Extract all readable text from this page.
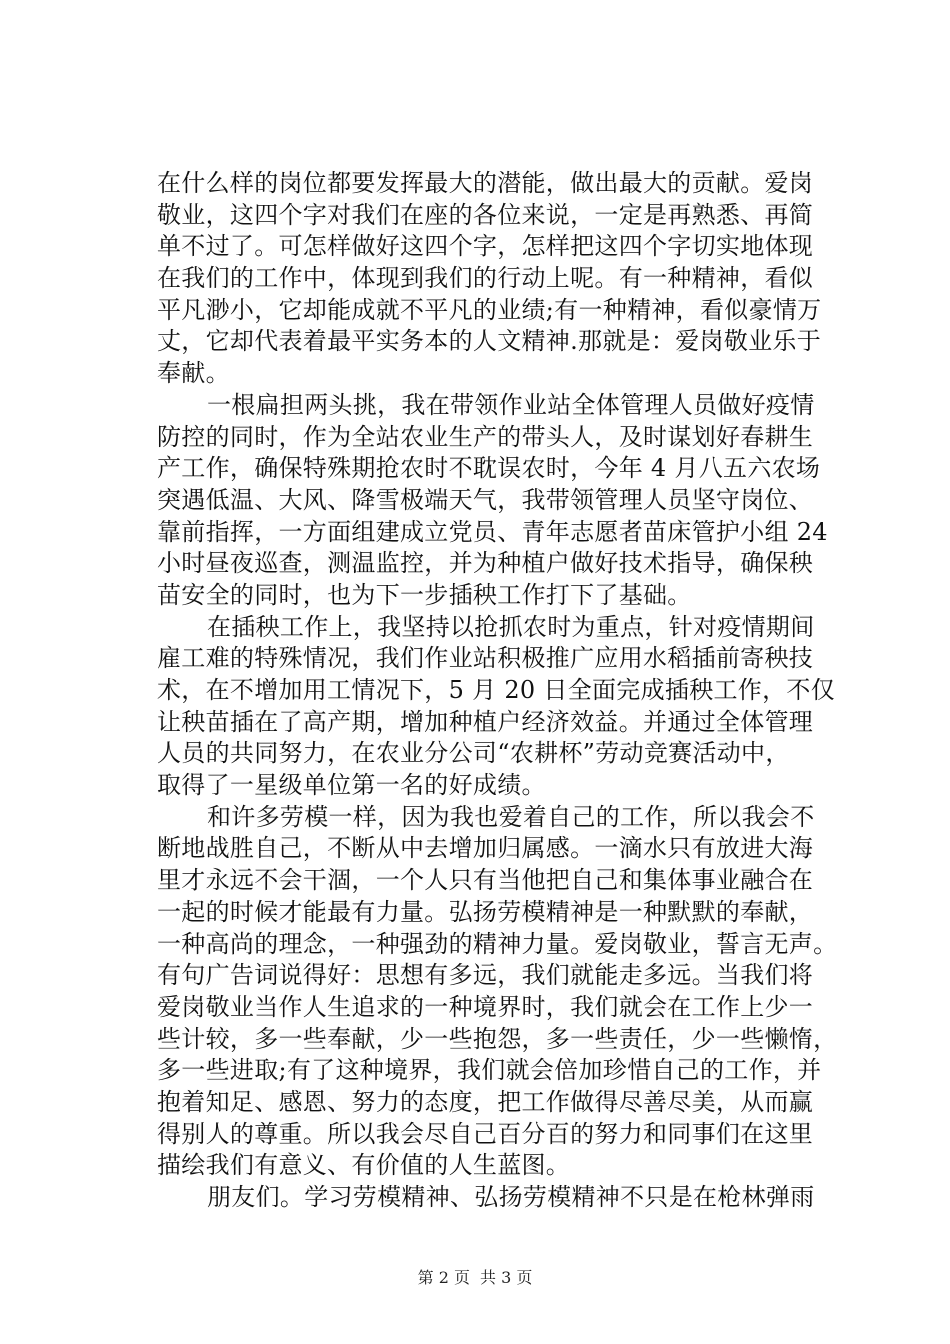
在什么样的岗位都要发挥最大的潜能，做出最大的贡献。爱岗
敬业，这四个字对我们在座的各位来说，一定是再熟悉、再简
单不过了。可怎样做好这四个字，怎样把这四个字切实地体现
在我们的工作中，体现到我们的行动上呢。有一种精神，看似
平凡渺小，它却能成就不平凡的业绩;有一种精神，看似豪情万
丈，它却代表着最平实务本的人文精神.那就是：爱岗敬业乐于
奉献。
一根扁担两头挑，我在带领作业站全体管理人员做好疫情
防控的同时，作为全站农业生产的带头人，及时谋划好春耕生
产工作，确保特殊期抢农时不耽误农时，今年 4 月八五六农场
突遇低温、大风、降雪极端天气，我带领管理人员坚守岗位、
靠前指挥，一方面组建成立党员、青年志愿者苗床管护小组 24
小时昼夜巡查，测温监控，并为种植户做好技术指导，确保秧
苗安全的同时，也为下一步插秧工作打下了基础。
在插秧工作上，我坚持以抢抓农时为重点，针对疫情期间
雇工难的特殊情况，我们作业站积极推广应用水稻插前寄秧技
术，在不增加用工情况下，5 月 20 日全面完成插秧工作，不仅
让秧苗插在了高产期，增加种植户经济效益。并通过全体管理
人员的共同努力，在农业分公司“农耕杯”劳动竞赛活动中，
取得了一星级单位第一名的好成绩。
和许多劳模一样，因为我也爱着自己的工作，所以我会不
断地战胜自己，不断从中去增加归属感。一滴水只有放进大海
里才永远不会干涸，一个人只有当他把自己和集体事业融合在
一起的时候才能最有力量。弘扬劳模精神是一种默默的奉献，
一种高尚的理念，一种强劲的精神力量。爱岗敬业，誓言无声。
有句广告词说得好：思想有多远，我们就能走多远。当我们将
爱岗敬业当作人生追求的一种境界时，我们就会在工作上少一
些计较，多一些奉献，少一些抱怨，多一些责任，少一些懒惰，
多一些进取;有了这种境界，我们就会倍加珍惜自己的工作，并
抱着知足、感恩、努力的态度，把工作做得尽善尽美，从而赢
得别人的尊重。所以我会尽自己百分百的努力和同事们在这里
描绘我们有意义、有价值的人生蓝图。
朋友们。学习劳模精神、弘扬劳模精神不只是在枪林弹雨
第 2 页 共 3 页
